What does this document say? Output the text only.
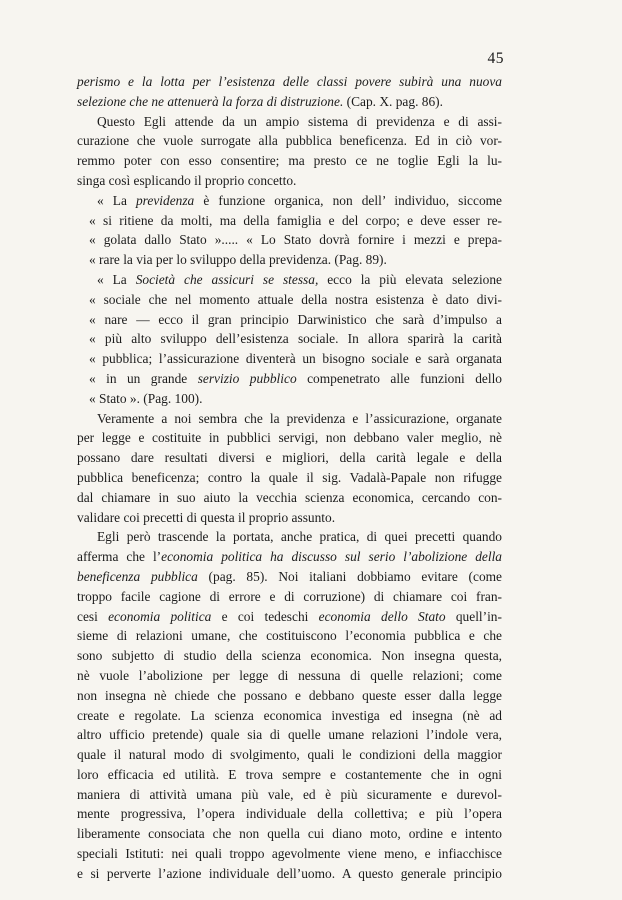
45
perismo e la lotta per l’esistenza delle classi povere subirà una nuova
selezione che ne attenuerà la forza di distruzione. (Cap. X. pag. 86).
Questo Egli attende da un ampio sistema di previdenza e di assi-
curazione che vuole surrogate alla pubblica beneficenza. Ed in ciò vor-
remmo poter con esso consentire; ma presto ce ne toglie Egli la lu-
singa così esplicando il proprio concetto.
« La previdenza è funzione organica, non dell’ individuo, siccome
« si ritiene da molti, ma della famiglia e del corpo; e deve esser re-
« golata dallo Stato »..... « Lo Stato dovrà fornire i mezzi e prepa-
« rare la via per lo sviluppo della previdenza. (Pag. 89).
« La Società che assicuri se stessa, ecco la più elevata selezione
« sociale che nel momento attuale della nostra esistenza è dato divi-
« nare — ecco il gran principio Darwinistico che sarà d’impulso a
« più alto sviluppo dell’esistenza sociale. In allora sparirà la carità
« pubblica; l’assicurazione diventerà un bisogno sociale e sarà organata
« in un grande servizio pubblico compenetrato alle funzioni dello
« Stato ». (Pag. 100).
Veramente a noi sembra che la previdenza e l’assicurazione, organate
per legge e costituite in pubblici servigi, non debbano valer meglio, nè
possano dare resultati diversi e migliori, della carità legale e della
pubblica beneficenza; contro la quale il sig. Vadalà-Papale non rifugge
dal chiamare in suo aiuto la vecchia scienza economica, cercando con-
validare coi precetti di questa il proprio assunto.
Egli però trascende la portata, anche pratica, di quei precetti quando
afferma che l’economia politica ha discusso sul serio l’abolizione della
beneficenza pubblica (pag. 85). Noi italiani dobbiamo evitare (come
troppo facile cagione di errore e di corruzione) di chiamare coi fran-
cesi economia politica e coi tedeschi economia dello Stato quell’in-
sieme di relazioni umane, che costituiscono l’economia pubblica e che
sono subjetto di studio della scienza economica. Non insegna questa,
nè vuole l’abolizione per legge di nessuna di quelle relazioni; come
non insegna nè chiede che possano e debbano queste esser dalla legge
create e regolate. La scienza economica investiga ed insegna (nè ad
altro ufficio pretende) quale sia di quelle umane relazioni l’indole vera,
quale il natural modo di svolgimento, quali le condizioni della maggior
loro efficacia ed utilità. E trova sempre e costantemente che in ogni
maniera di attività umana più vale, ed è più sicuramente e durevol-
mente progressiva, l’opera individuale della collettiva; e più l’opera
liberamente consociata che non quella cui diano moto, ordine e intento
speciali Istituti: nei quali troppo agevolmente viene meno, e infiacchisce
e si perverte l’azione individuale dell’uomo. A questo generale principio
